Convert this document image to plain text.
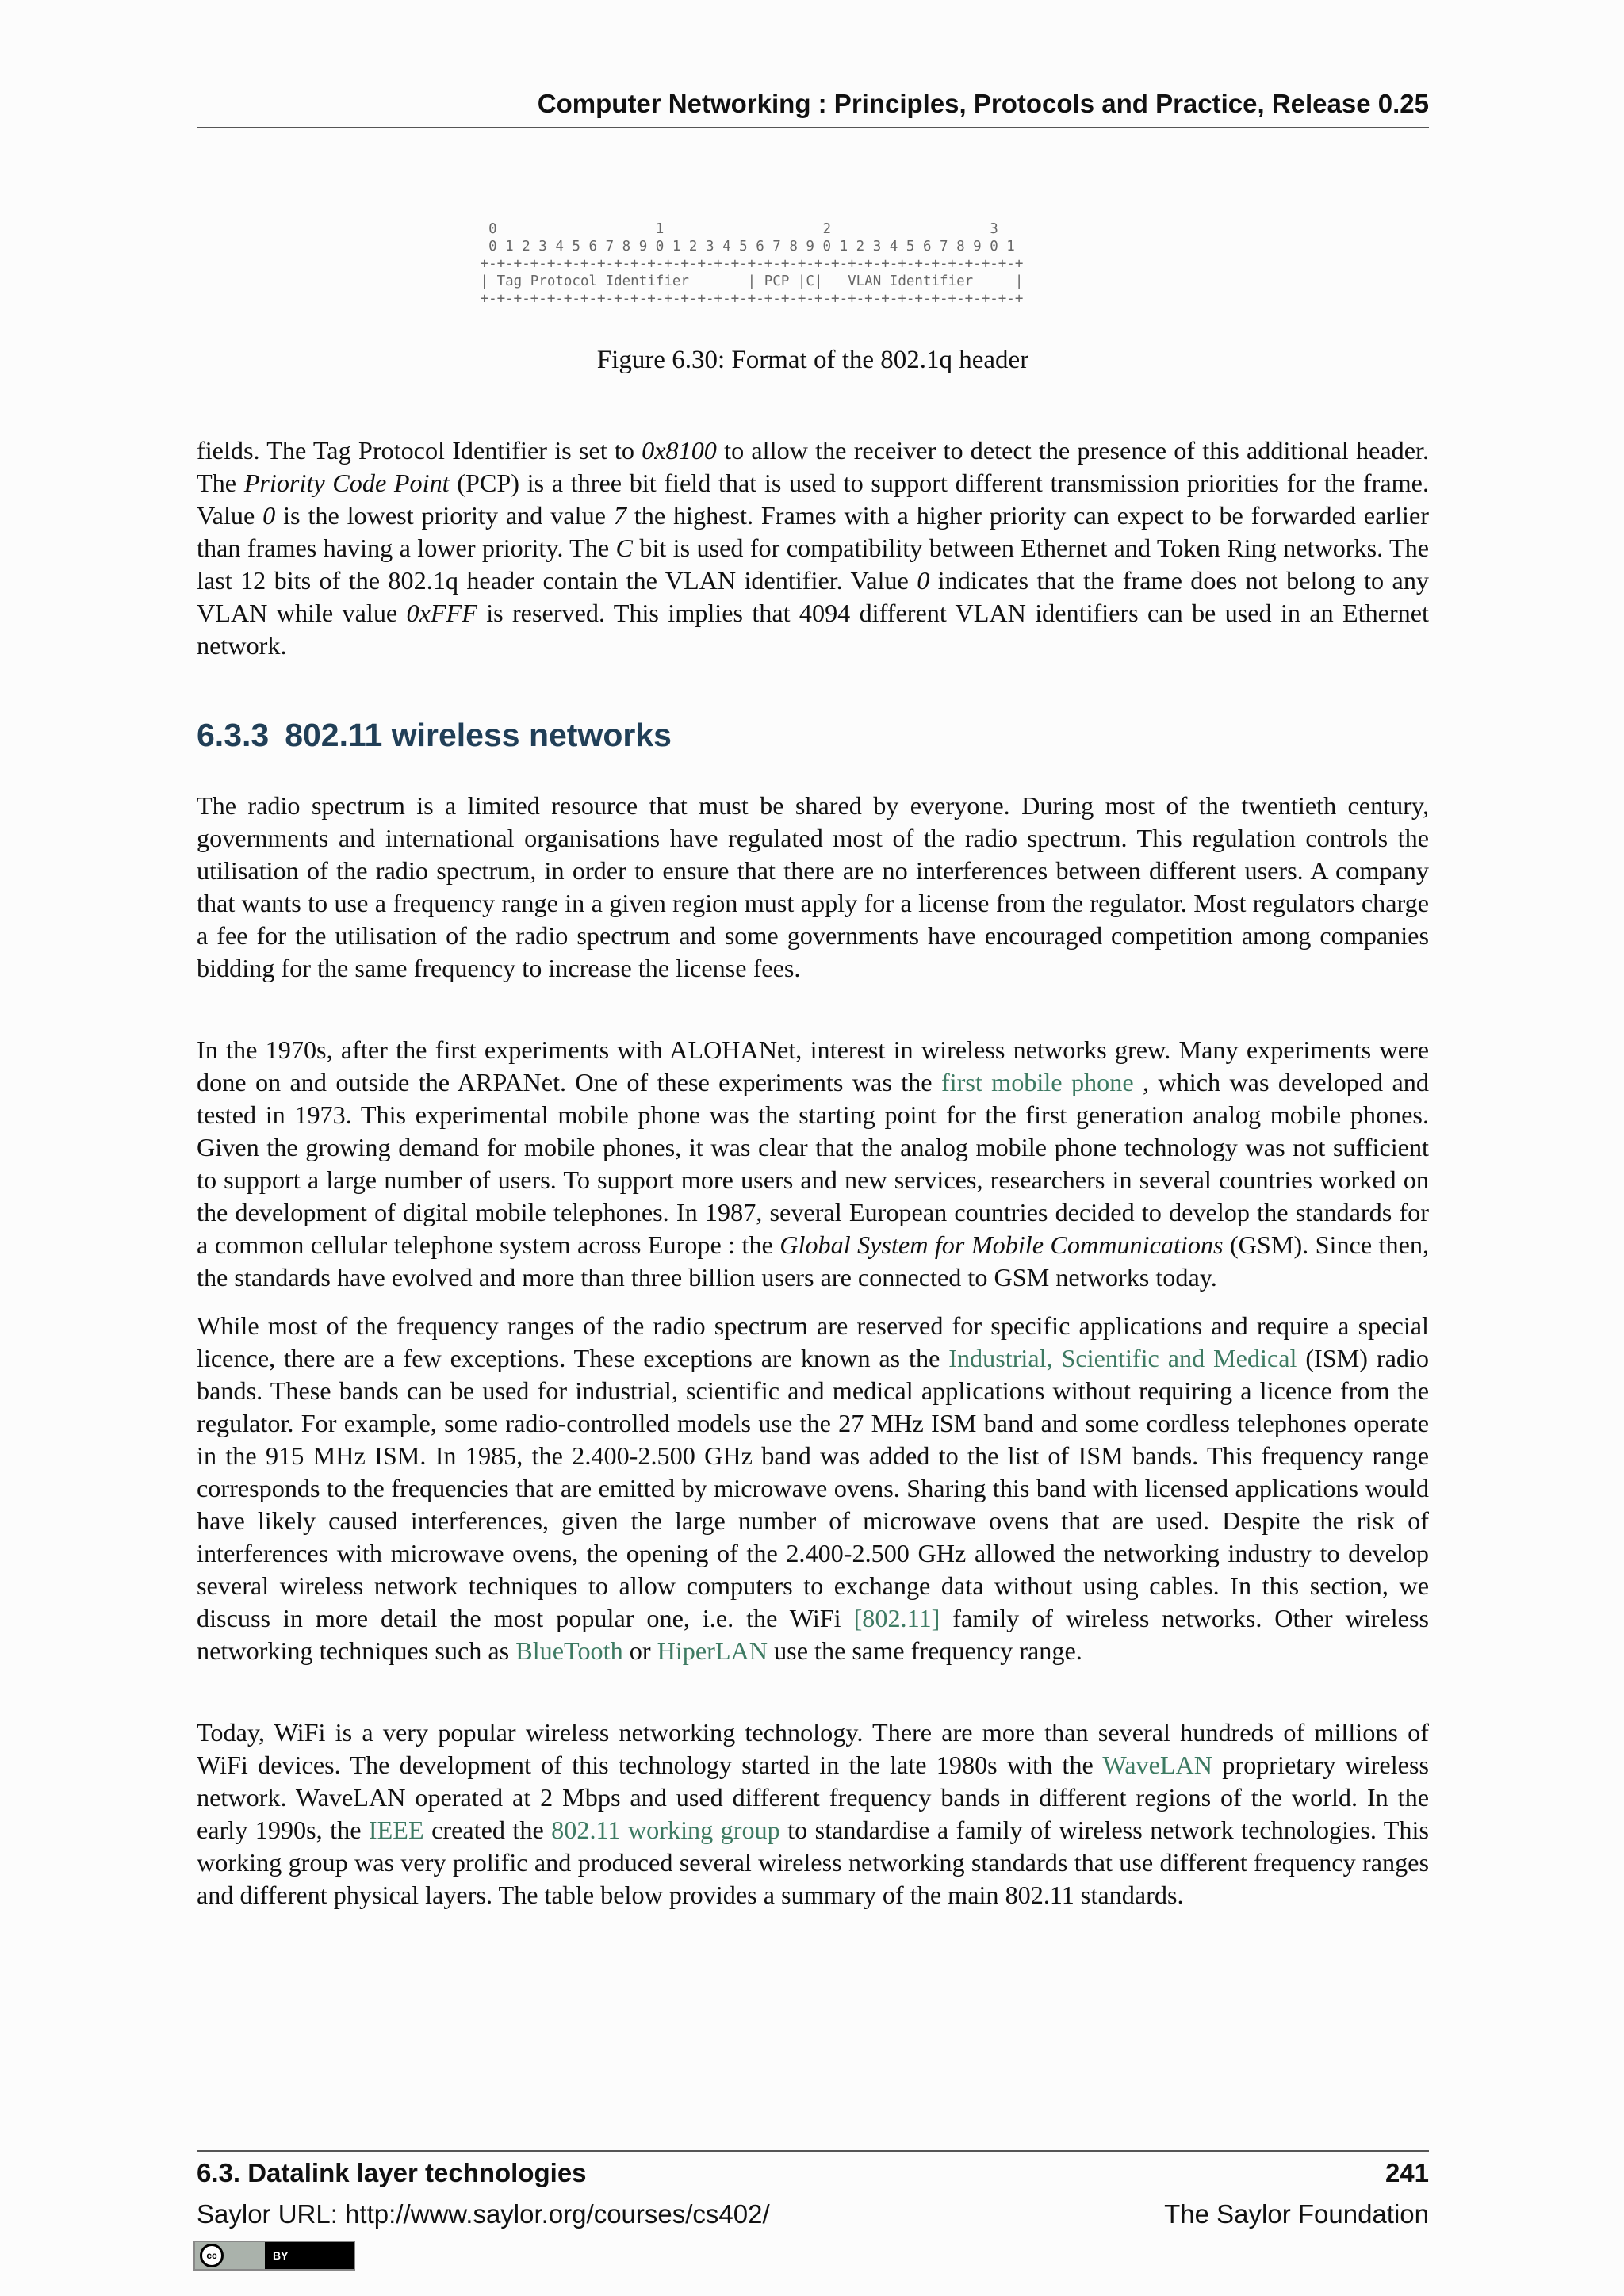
Computer Networking : Principles, Protocols and Practice, Release 0.25
0                   1                   2                   3
0 1 2 3 4 5 6 7 8 9 0 1 2 3 4 5 6 7 8 9 0 1 2 3 4 5 6 7 8 9 0 1
+-+-+-+-+-+-+-+-+-+-+-+-+-+-+-+-+-+-+-+-+-+-+-+-+-+-+-+-+-+-+-+-+
| Tag Protocol Identifier       | PCP |C|   VLAN Identifier     |
+-+-+-+-+-+-+-+-+-+-+-+-+-+-+-+-+-+-+-+-+-+-+-+-+-+-+-+-+-+-+-+-+
Figure 6.30: Format of the 802.1q header

fields. The Tag Protocol Identifier is set to 0x8100 to allow the receiver to detect the presence of this additional header. The Priority Code Point (PCP) is a three bit field that is used to support different transmission priorities for the frame. Value 0 is the lowest priority and value 7 the highest. Frames with a higher priority can expect to be forwarded earlier than frames having a lower priority. The C bit is used for compatibility between Ethernet and Token Ring networks. The last 12 bits of the 802.1q header contain the VLAN identifier. Value 0 indicates that the frame does not belong to any VLAN while value 0xFFF is reserved. This implies that 4094 different VLAN identifiers can be used in an Ethernet network.

6.3.3 802.11 wireless networks

The radio spectrum is a limited resource that must be shared by everyone. During most of the twentieth century, governments and international organisations have regulated most of the radio spectrum. This regulation controls the utilisation of the radio spectrum, in order to ensure that there are no interferences between different users. A company that wants to use a frequency range in a given region must apply for a license from the regulator. Most regulators charge a fee for the utilisation of the radio spectrum and some governments have encouraged competition among companies bidding for the same frequency to increase the license fees.

In the 1970s, after the first experiments with ALOHANet, interest in wireless networks grew. Many experiments were done on and outside the ARPANet. One of these experiments was the first mobile phone , which was developed and tested in 1973. This experimental mobile phone was the starting point for the first generation analog mobile phones. Given the growing demand for mobile phones, it was clear that the analog mobile phone technology was not sufficient to support a large number of users. To support more users and new services, researchers in several countries worked on the development of digital mobile telephones. In 1987, several European countries decided to develop the standards for a common cellular telephone system across Europe : the Global System for Mobile Communications (GSM). Since then, the standards have evolved and more than three billion users are connected to GSM networks today.

While most of the frequency ranges of the radio spectrum are reserved for specific applications and require a special licence, there are a few exceptions. These exceptions are known as the Industrial, Scientific and Medical (ISM) radio bands. These bands can be used for industrial, scientific and medical applications without requiring a licence from the regulator. For example, some radio-controlled models use the 27 MHz ISM band and some cordless telephones operate in the 915 MHz ISM. In 1985, the 2.400-2.500 GHz band was added to the list of ISM bands. This frequency range corresponds to the frequencies that are emitted by microwave ovens. Sharing this band with licensed applications would have likely caused interferences, given the large number of microwave ovens that are used. Despite the risk of interferences with microwave ovens, the opening of the 2.400-2.500 GHz allowed the networking industry to develop several wireless network techniques to allow computers to exchange data without using cables. In this section, we discuss in more detail the most popular one, i.e. the WiFi [802.11] family of wireless networks. Other wireless networking techniques such as BlueTooth or HiperLAN use the same frequency range.

Today, WiFi is a very popular wireless networking technology. There are more than several hundreds of millions of WiFi devices. The development of this technology started in the late 1980s with the WaveLAN proprietary wireless network. WaveLAN operated at 2 Mbps and used different frequency bands in different regions of the world. In the early 1990s, the IEEE created the 802.11 working group to standardise a family of wireless network technologies. This working group was very prolific and produced several wireless networking standards that use different frequency ranges and different physical layers. The table below provides a summary of the main 802.11 standards.

6.3. Datalink layer technologies	241
Saylor URL: http://www.saylor.org/courses/cs402/	The Saylor Foundation
cc	BY
